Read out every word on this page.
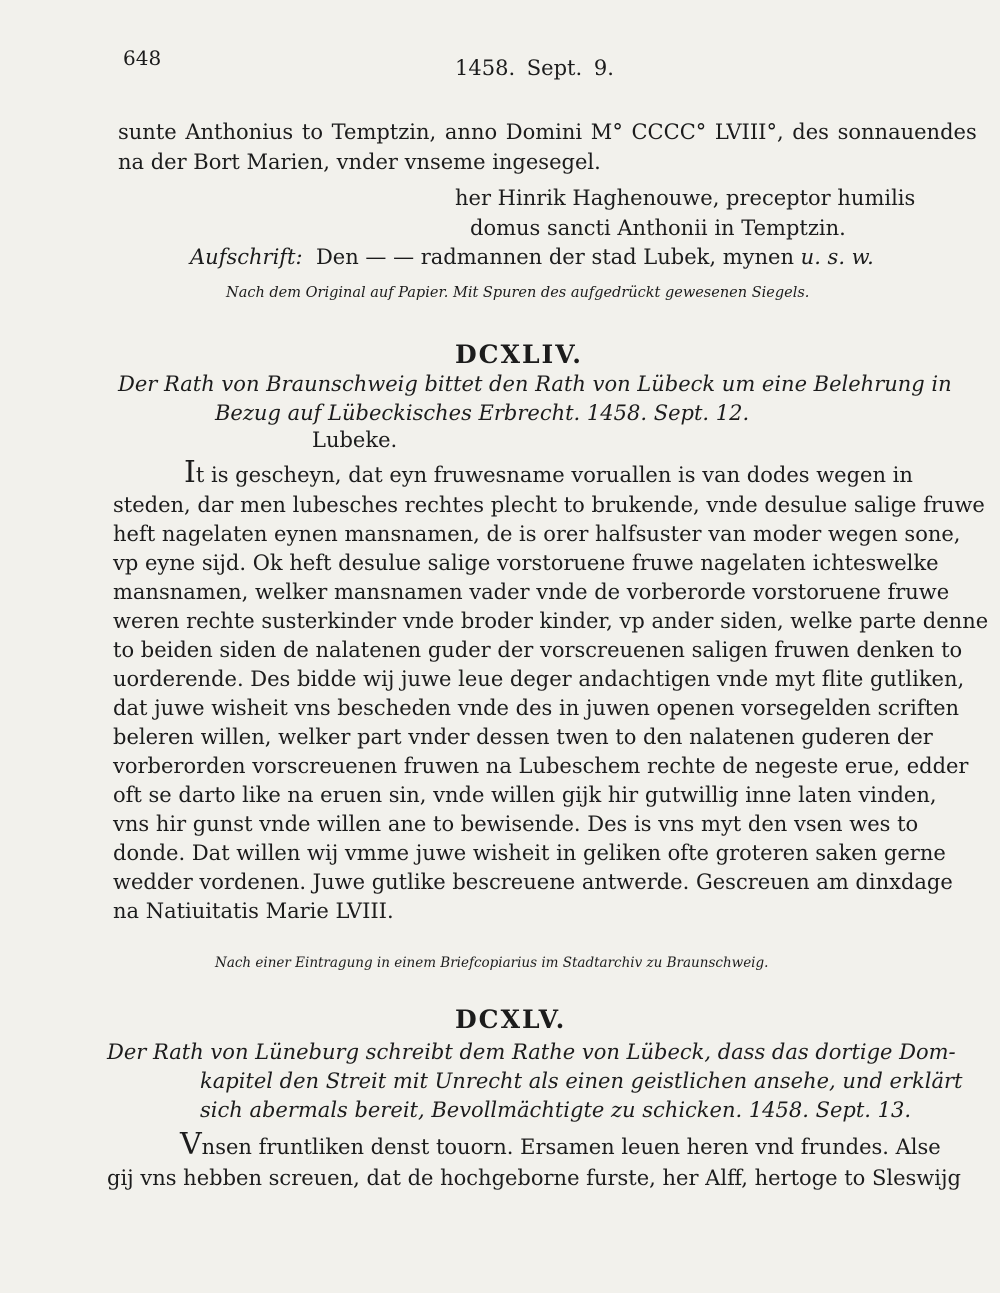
648	1458. Sept. 9.
sunte Anthonius to Temptzin, anno Domini M° CCCC° LVIII°, des sonnauendes
na der Bort Marien, vnder vnseme ingesegel.
her Hinrik Haghenouwe, preceptor humilis
domus sancti Anthonii in Temptzin.
Aufschrift: Den — — radmannen der stad Lubek, mynen u. s. w.
Nach dem Original auf Papier. Mit Spuren des aufgedrückt gewesenen Siegels.
DCXLIV.
Der Rath von Braunschweig bittet den Rath von Lübeck um eine Belehrung in
Bezug auf Lübeckisches Erbrecht. 1458. Sept. 12.
Lubeke.
It is gescheyn, dat eyn fruwesname voruallen is van dodes wegen in
steden, dar men lubesches rechtes plecht to brukende, vnde desulue salige fruwe
heft nagelaten eynen mansnamen, de is orer halfsuster van moder wegen sone,
vp eyne sijd. Ok heft desulue salige vorstoruene fruwe nagelaten ichteswelke
mansnamen, welker mansnamen vader vnde de vorberorde vorstoruene fruwe
weren rechte susterkinder vnde broder kinder, vp ander siden, welke parte denne
to beiden siden de nalatenen guder der vorscreuenen saligen fruwen denken to
uorderende. Des bidde wij juwe leue deger andachtigen vnde myt flite gutliken,
dat juwe wisheit vns bescheden vnde des in juwen openen vorsegelden scriften
beleren willen, welker part vnder dessen twen to den nalatenen guderen der
vorberorden vorscreuenen fruwen na Lubeschem rechte de negeste erue, edder
oft se darto like na eruen sin, vnde willen gijk hir gutwillig inne laten vinden,
vns hir gunst vnde willen ane to bewisende. Des is vns myt den vsen wes to
donde. Dat willen wij vmme juwe wisheit in geliken ofte groteren saken gerne
wedder vordenen. Juwe gutlike bescreuene antwerde. Gescreuen am dinxdage
na Natiuitatis Marie LVIII.
Nach einer Eintragung in einem Briefcopiarius im Stadtarchiv zu Braunschweig.
DCXLV.
Der Rath von Lüneburg schreibt dem Rathe von Lübeck, dass das dortige Dom-
kapitel den Streit mit Unrecht als einen geistlichen ansehe, und erklärt
sich abermals bereit, Bevollmächtigte zu schicken. 1458. Sept. 13.
Vnsen fruntliken denst touorn. Ersamen leuen heren vnd frundes. Alse
gij vns hebben screuen, dat de hochgeborne furste, her Alff, hertoge to Sleswijg
